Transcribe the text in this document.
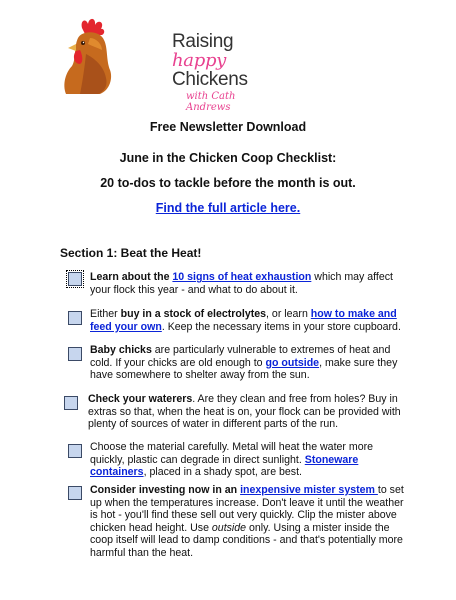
Raising happy
Chickens
with Cath Andrews
Free Newsletter Download
June in the Chicken Coop Checklist:
20 to-dos to tackle before the month is out.
Find the full article here.
Section 1: Beat the Heat!
Learn about the 10 signs of heat exhaustion which may affect your flock this year - and what to do about it.
Either buy in a stock of electrolytes, or learn how to make and feed your own. Keep the necessary items in your store cupboard.
Baby chicks are particularly vulnerable to extremes of heat and cold. If your chicks are old enough to go outside, make sure they have somewhere to shelter away from the sun.
Check your waterers. Are they clean and free from holes? Buy in extras so that, when the heat is on, your flock can be provided with plenty of sources of water in different parts of the run.
Choose the material carefully. Metal will heat the water more quickly, plastic can degrade in direct sunlight. Stoneware containers, placed in a shady spot, are best.
Consider investing now in an inexpensive mister system to set up when the temperatures increase. Don't leave it until the weather is hot - you'll find these sell out very quickly. Clip the mister above chicken head height. Use outside only. Using a mister inside the coop itself will lead to damp conditions - and that's potentially more harmful than the heat.
